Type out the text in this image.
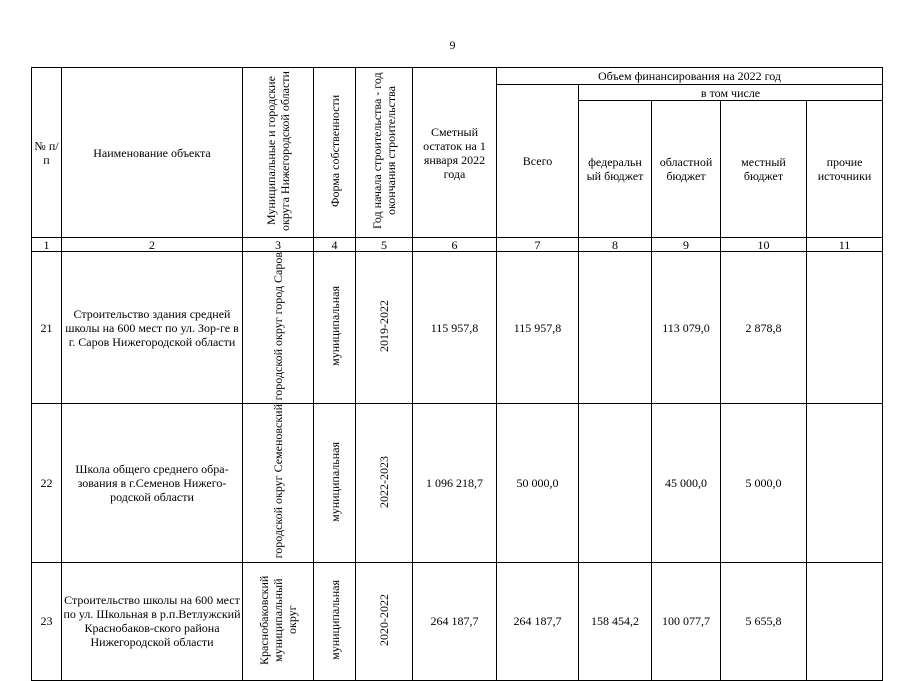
9
№ п/п	Наименование объекта	Муниципальные и городские округа Нижегородской области	Форма собственности	Год начала строительства - год окончания строительства	Сметный остаток на 1 января 2022 года	Объем финансирования на 2022 год				
						Всего	в том числе			
							федеральный бюджет	областной бюджет	местный бюджет	прочие источники
1	2	3	4	5	6	7	8	9	10	11
21	Строительство здания средней школы на 600 мест по ул. Зор-ге в г. Саров Нижегородской области	городской округ город Саров	муниципальная	2019-2022	115 957,8	115 957,8		113 079,0	2 878,8	
22	Школа общего среднего обра-зования в г.Семенов Нижего-родской области	городской округ Семеновский	муниципальная	2022-2023	1 096 218,7	50 000,0		45 000,0	5 000,0	
23	Строительство школы на 600 мест по ул. Школьная в р.п.Ветлужский Краснобаков-ского района Нижегородской области	Краснобаковский муниципальный округ	муниципальная	2020-2022	264 187,7	264 187,7	158 454,2	100 077,7	5 655,8	
